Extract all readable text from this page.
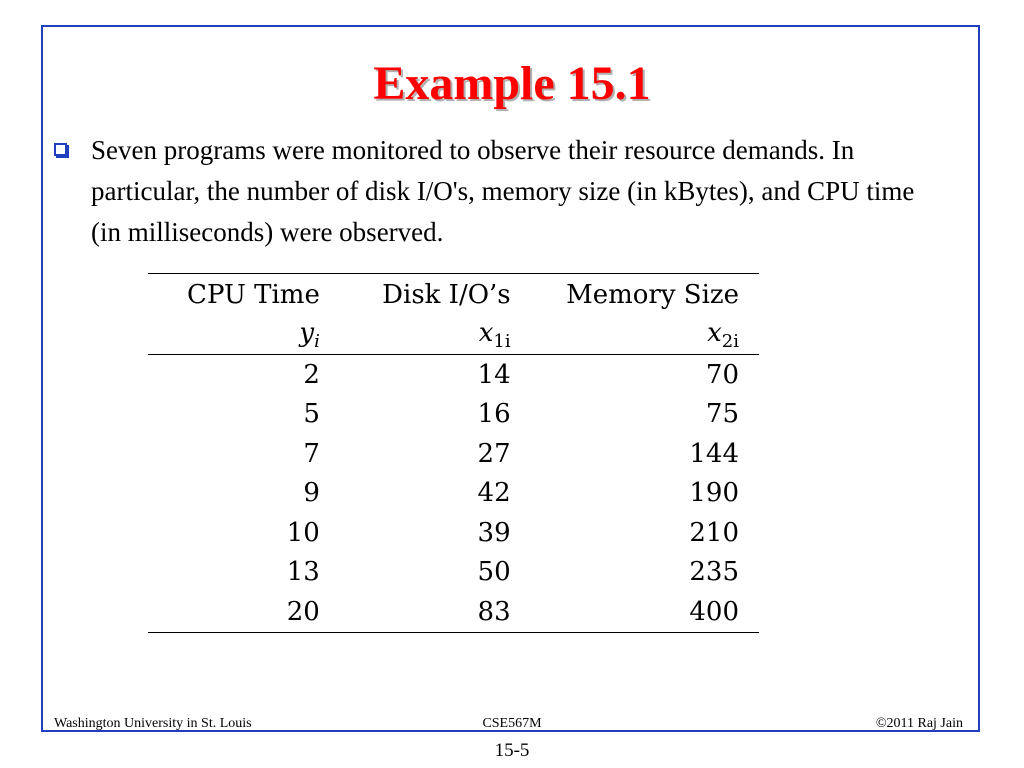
Example 15.1
Seven programs were monitored to observe their resource demands. In particular, the number of disk I/O's, memory size (in kBytes), and CPU time (in milliseconds) were observed.
CPU Time	Disk I/O’s	Memory Size
$y_i$	$x_{1i}$	$x_{2i}$
2	14	70
5	16	75
7	27	144
9	42	190
10	39	210
13	50	235
20	83	400
Washington University in St. Louis	CSE567M	©2011 Raj Jain
15-5
